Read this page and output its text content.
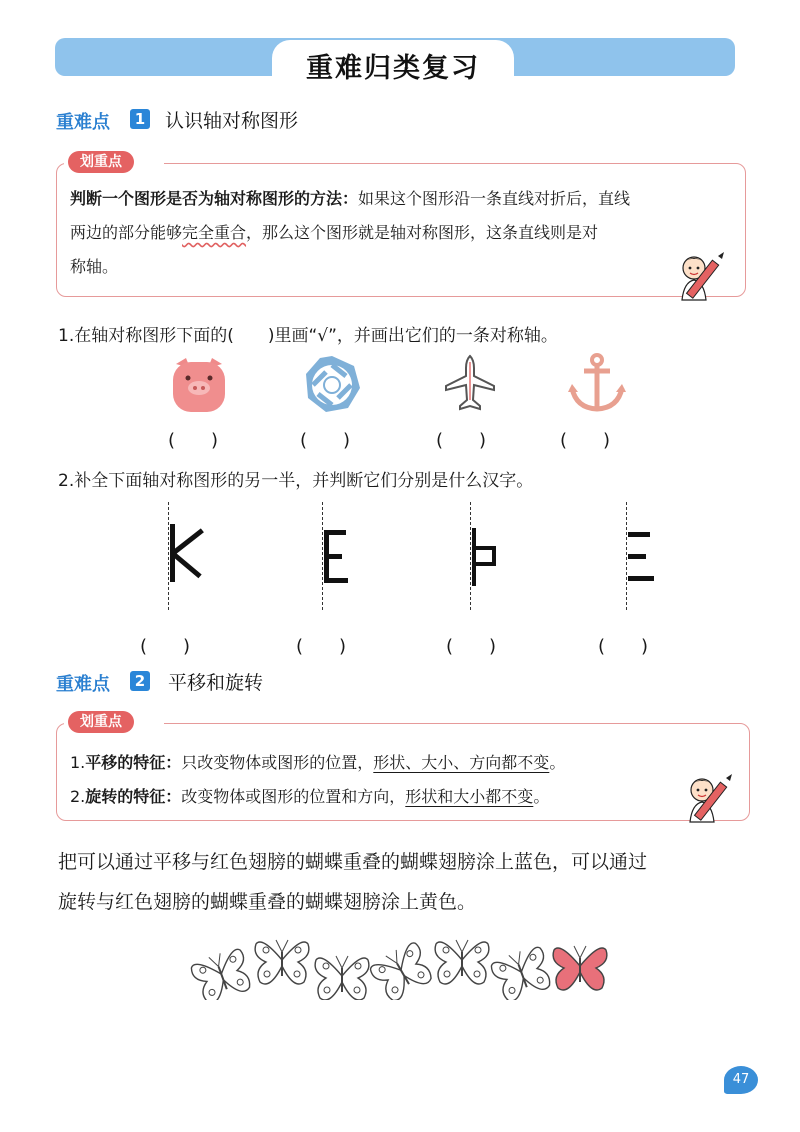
重难归类复习
重难点	1 认识轴对称图形
划重点
判断一个图形是否为轴对称图形的方法：如果这个图形沿一条直线对折后，直线
两边的部分能够完全重合，那么这个图形就是轴对称图形，这条直线则是对
称轴。
1.在轴对称图形下面的(　　)里画“√”，并画出它们的一条对称轴。
(　　)	(　　)	(　　)	(　　)
2.补全下面轴对称图形的另一半，并判断它们分别是什么汉字。
(　　)	(　　)	(　　)	(　　)
重难点	2 平移和旋转
划重点
1.平移的特征：只改变物体或图形的位置，形状、大小、方向都不变。
2.旋转的特征：改变物体或图形的位置和方向，形状和大小都不变。
把可以通过平移与红色翅膀的蝴蝶重叠的蝴蝶翅膀涂上蓝色，可以通过
旋转与红色翅膀的蝴蝶重叠的蝴蝶翅膀涂上黄色。
47
